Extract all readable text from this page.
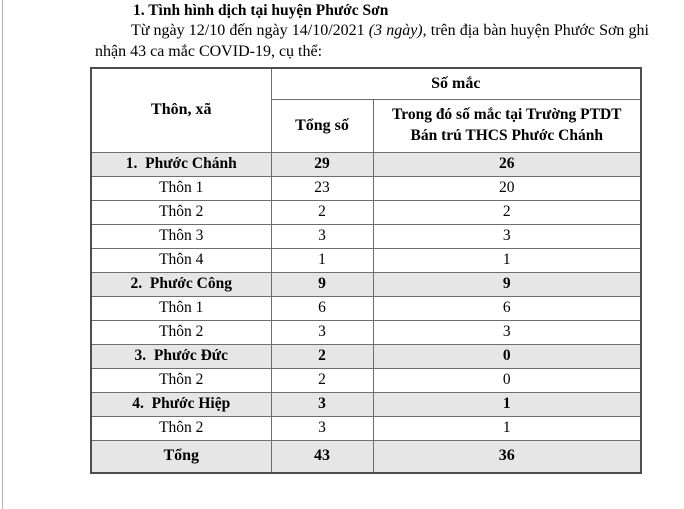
1. Tình hình dịch tại huyện Phước Sơn

Từ ngày 12/10 đến ngày 14/10/2021 (3 ngày), trên địa bàn huyện Phước Sơn ghi
nhận 43 ca mắc COVID-19, cụ thể:

Thôn, xã	Số mắc	
	Tổng số	Trong đó số mắc tại Trường PTDT Bán trú THCS Phước Chánh
1.  Phước Chánh	29	26
Thôn 1	23	20
Thôn 2	2	2
Thôn 3	3	3
Thôn 4	1	1
2.  Phước Công	9	9
Thôn 1	6	6
Thôn 2	3	3
3.  Phước Đức	2	0
Thôn 2	2	0
4.  Phước Hiệp	3	1
Thôn 2	3	1
Tổng	43	36
